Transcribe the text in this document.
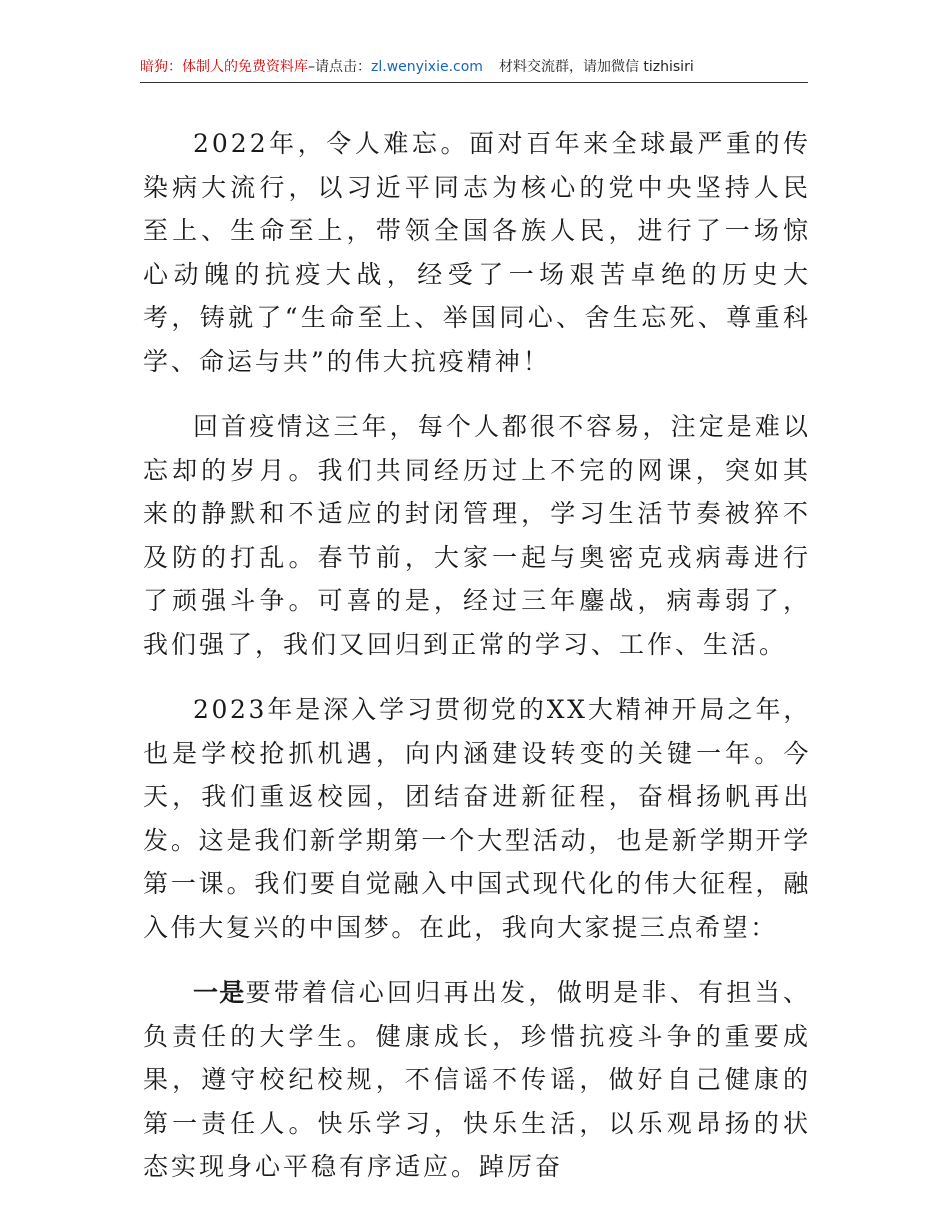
暗狗：体制人的免费资料库–请点击：zl.wenyixie.com 材料交流群，请加微信 tizhisiri

2022年，令人难忘。面对百年来全球最严重的传染病大流行，以习近平同志为核心的党中央坚持人民至上、生命至上，带领全国各族人民，进行了一场惊心动魄的抗疫大战，经受了一场艰苦卓绝的历史大考，铸就了“生命至上、举国同心、舍生忘死、尊重科学、命运与共”的伟大抗疫精神！

回首疫情这三年，每个人都很不容易，注定是难以忘却的岁月。我们共同经历过上不完的网课，突如其来的静默和不适应的封闭管理，学习生活节奏被猝不及防的打乱。春节前，大家一起与奥密克戎病毒进行了顽强斗争。可喜的是，经过三年鏖战，病毒弱了，我们强了，我们又回归到正常的学习、工作、生活。

2023年是深入学习贯彻党的XX大精神开局之年，也是学校抢抓机遇，向内涵建设转变的关键一年。今天，我们重返校园，团结奋进新征程，奋楫扬帆再出发。这是我们新学期第一个大型活动，也是新学期开学第一课。我们要自觉融入中国式现代化的伟大征程，融入伟大复兴的中国梦。在此，我向大家提三点希望：

一是要带着信心回归再出发，做明是非、有担当、负责任的大学生。健康成长，珍惜抗疫斗争的重要成果，遵守校纪校规，不信谣不传谣，做好自己健康的第一责任人。快乐学习，快乐生活，以乐观昂扬的状态实现身心平稳有序适应。踔厉奋
